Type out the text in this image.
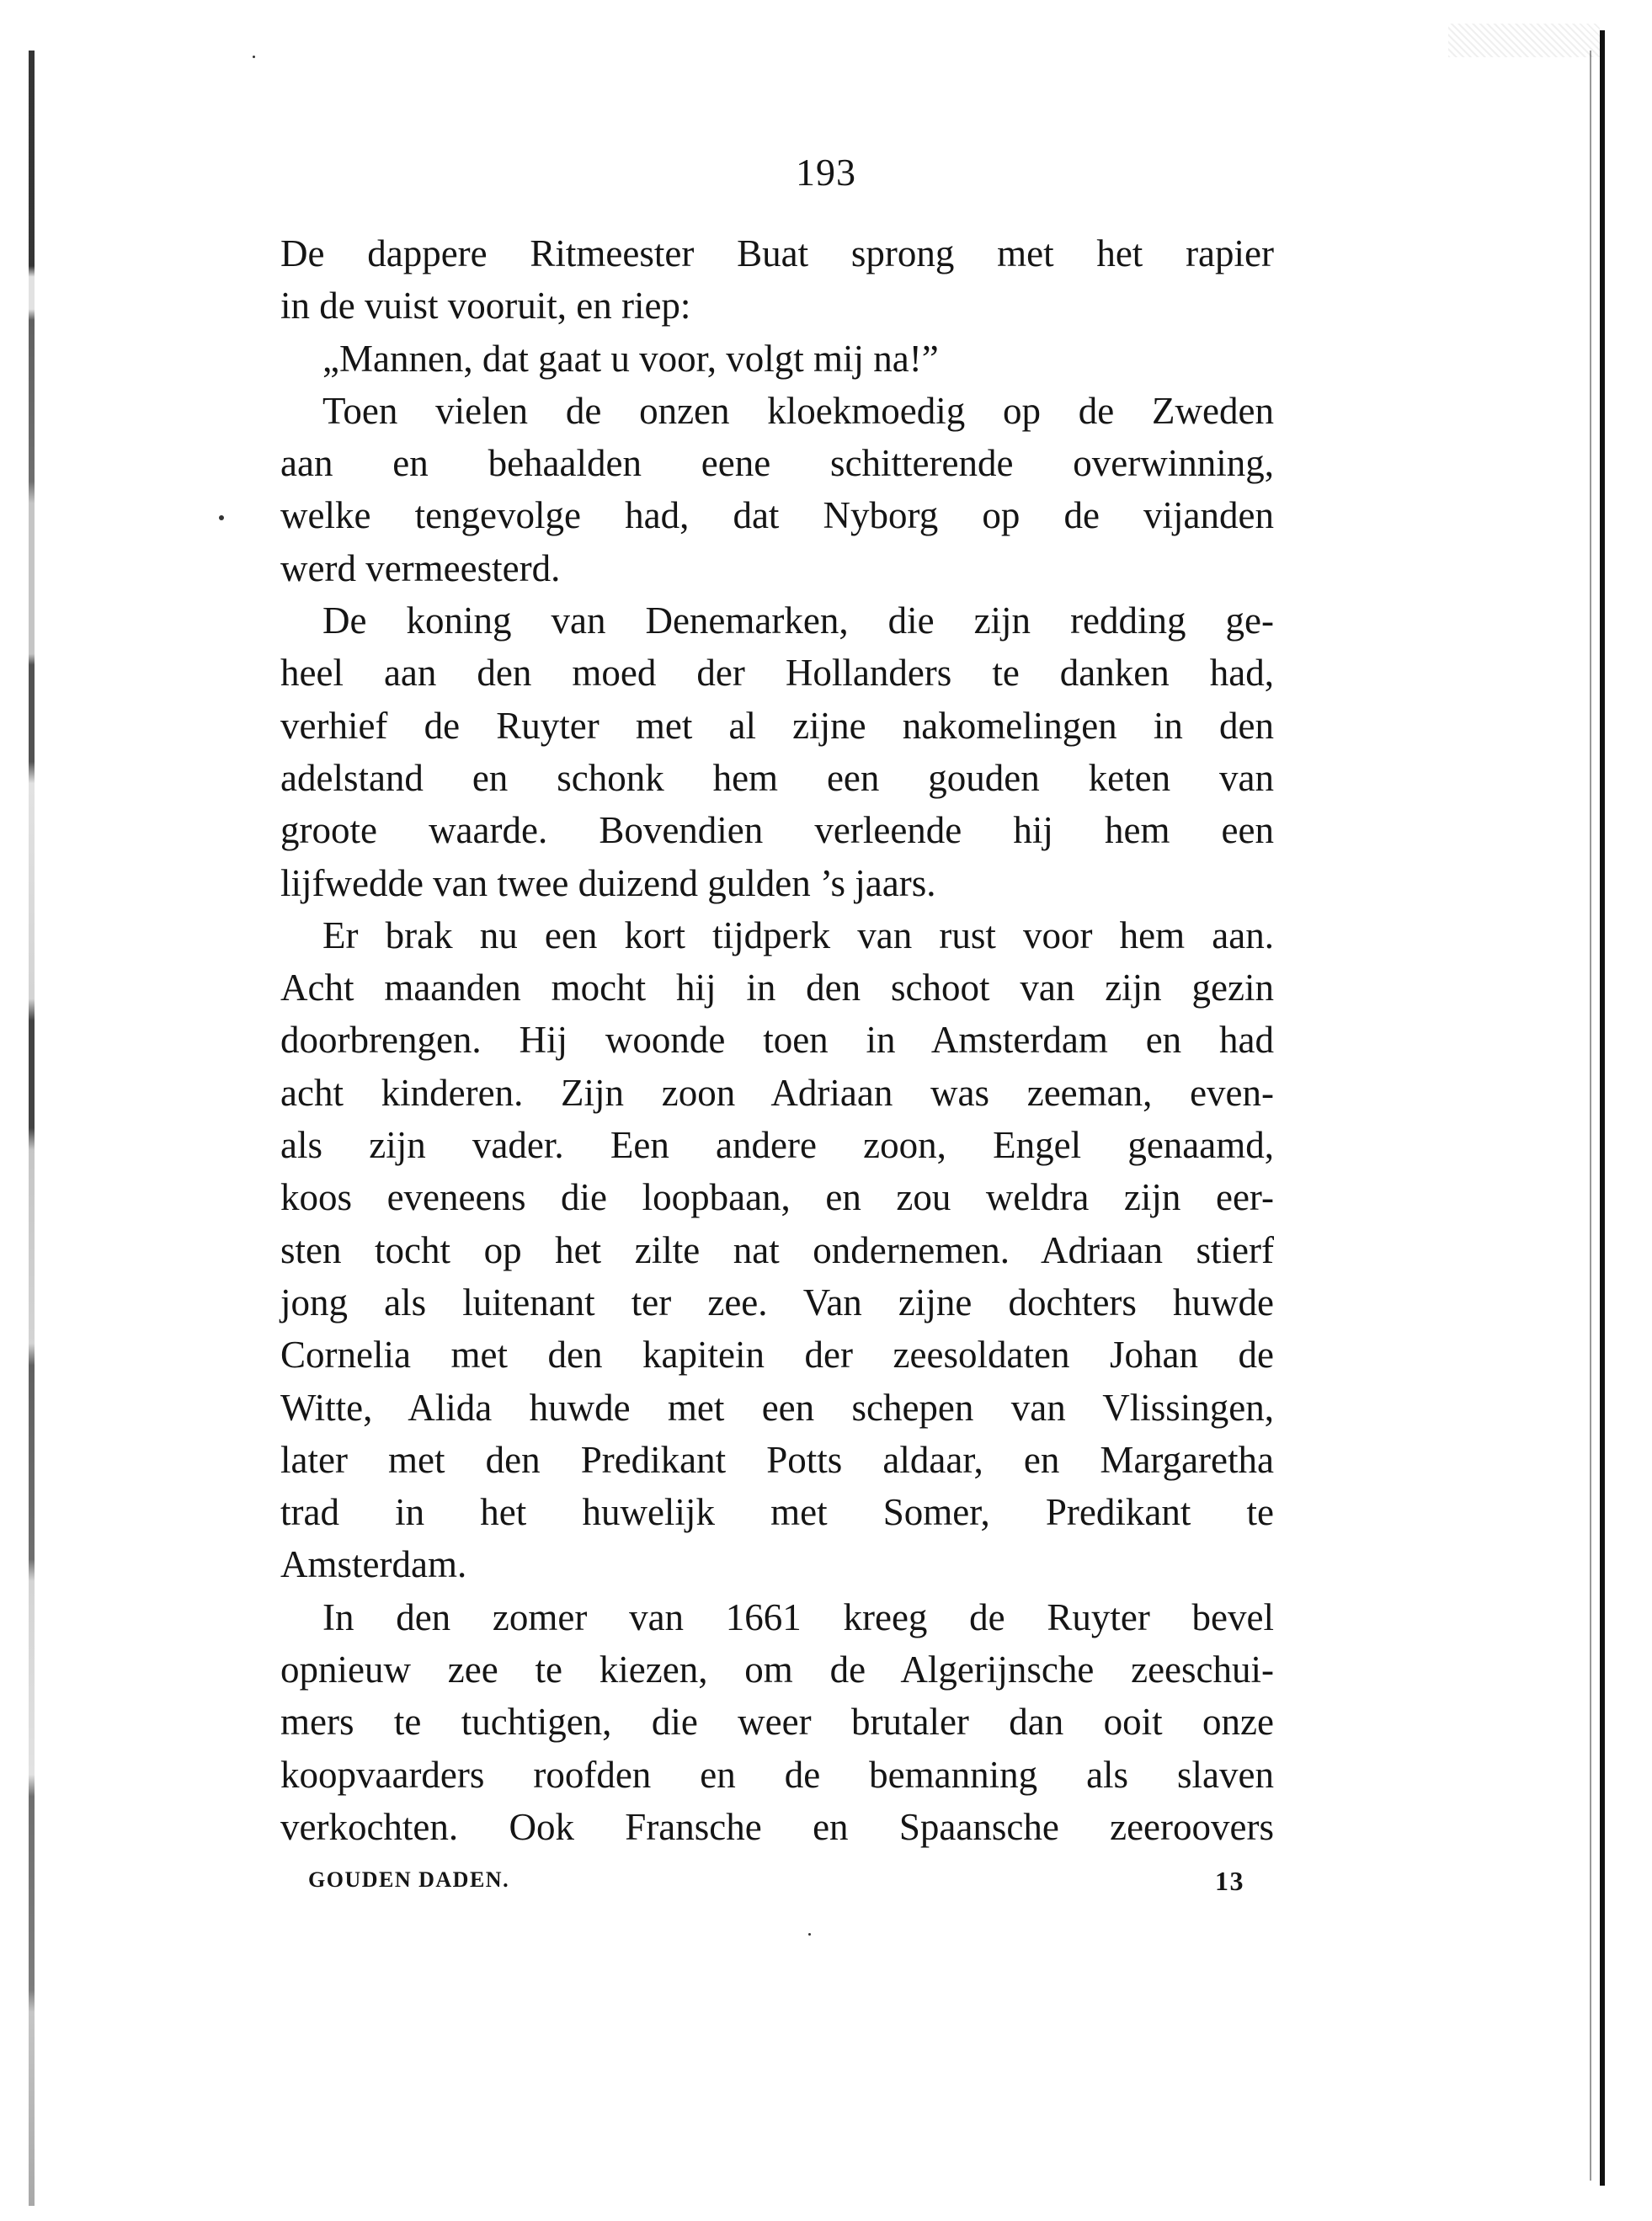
193
De dappere Ritmeester Buat sprong met het rapier
in de vuist vooruit, en riep:
„Mannen, dat gaat u voor, volgt mij na!”
Toen vielen de onzen kloekmoedig op de Zweden
aan en behaalden eene schitterende overwinning,
welke tengevolge had, dat Nyborg op de vijanden
werd vermeesterd.
De koning van Denemarken, die zijn redding ge-
heel aan den moed der Hollanders te danken had,
verhief de Ruyter met al zijne nakomelingen in den
adelstand en schonk hem een gouden keten van
groote waarde. Bovendien verleende hij hem een
lijfwedde van twee duizend gulden ’s jaars.
Er brak nu een kort tijdperk van rust voor hem aan.
Acht maanden mocht hij in den schoot van zijn gezin
doorbrengen. Hij woonde toen in Amsterdam en had
acht kinderen. Zijn zoon Adriaan was zeeman, even-
als zijn vader. Een andere zoon, Engel genaamd,
koos eveneens die loopbaan, en zou weldra zijn eer-
sten tocht op het zilte nat ondernemen. Adriaan stierf
jong als luitenant ter zee. Van zijne dochters huwde
Cornelia met den kapitein der zeesoldaten Johan de
Witte, Alida huwde met een schepen van Vlissingen,
later met den Predikant Potts aldaar, en Margaretha
trad in het huwelijk met Somer, Predikant te
Amsterdam.
In den zomer van 1661 kreeg de Ruyter bevel
opnieuw zee te kiezen, om de Algerijnsche zeeschui-
mers te tuchtigen, die weer brutaler dan ooit onze
koopvaarders roofden en de bemanning als slaven
verkochten. Ook Fransche en Spaansche zeeroovers
GOUDEN DADEN.	13
